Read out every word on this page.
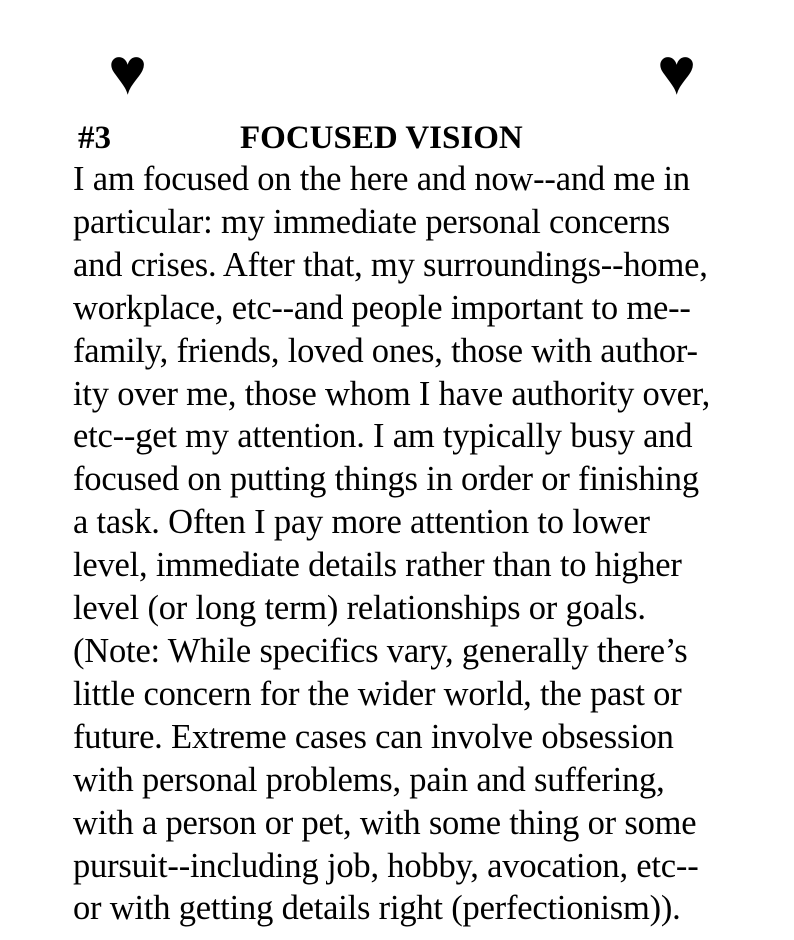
♥	♥
#3	FOCUSED VISION
I am focused on the here and now--and me in
particular: my immediate personal concerns
and crises. After that, my surroundings--home,
workplace, etc--and people important to me--
family, friends, loved ones, those with author-
ity over me, those whom I have authority over,
etc--get my attention. I am typically busy and
focused on putting things in order or finishing
a task. Often I pay more attention to lower
level, immediate details rather than to higher
level (or long term) relationships or goals.
(Note: While specifics vary, generally there’s
little concern for the wider world, the past or
future. Extreme cases can involve obsession
with personal problems, pain and suffering,
with a person or pet, with some thing or some
pursuit--including job, hobby, avocation, etc--
or with getting details right (perfectionism)).
